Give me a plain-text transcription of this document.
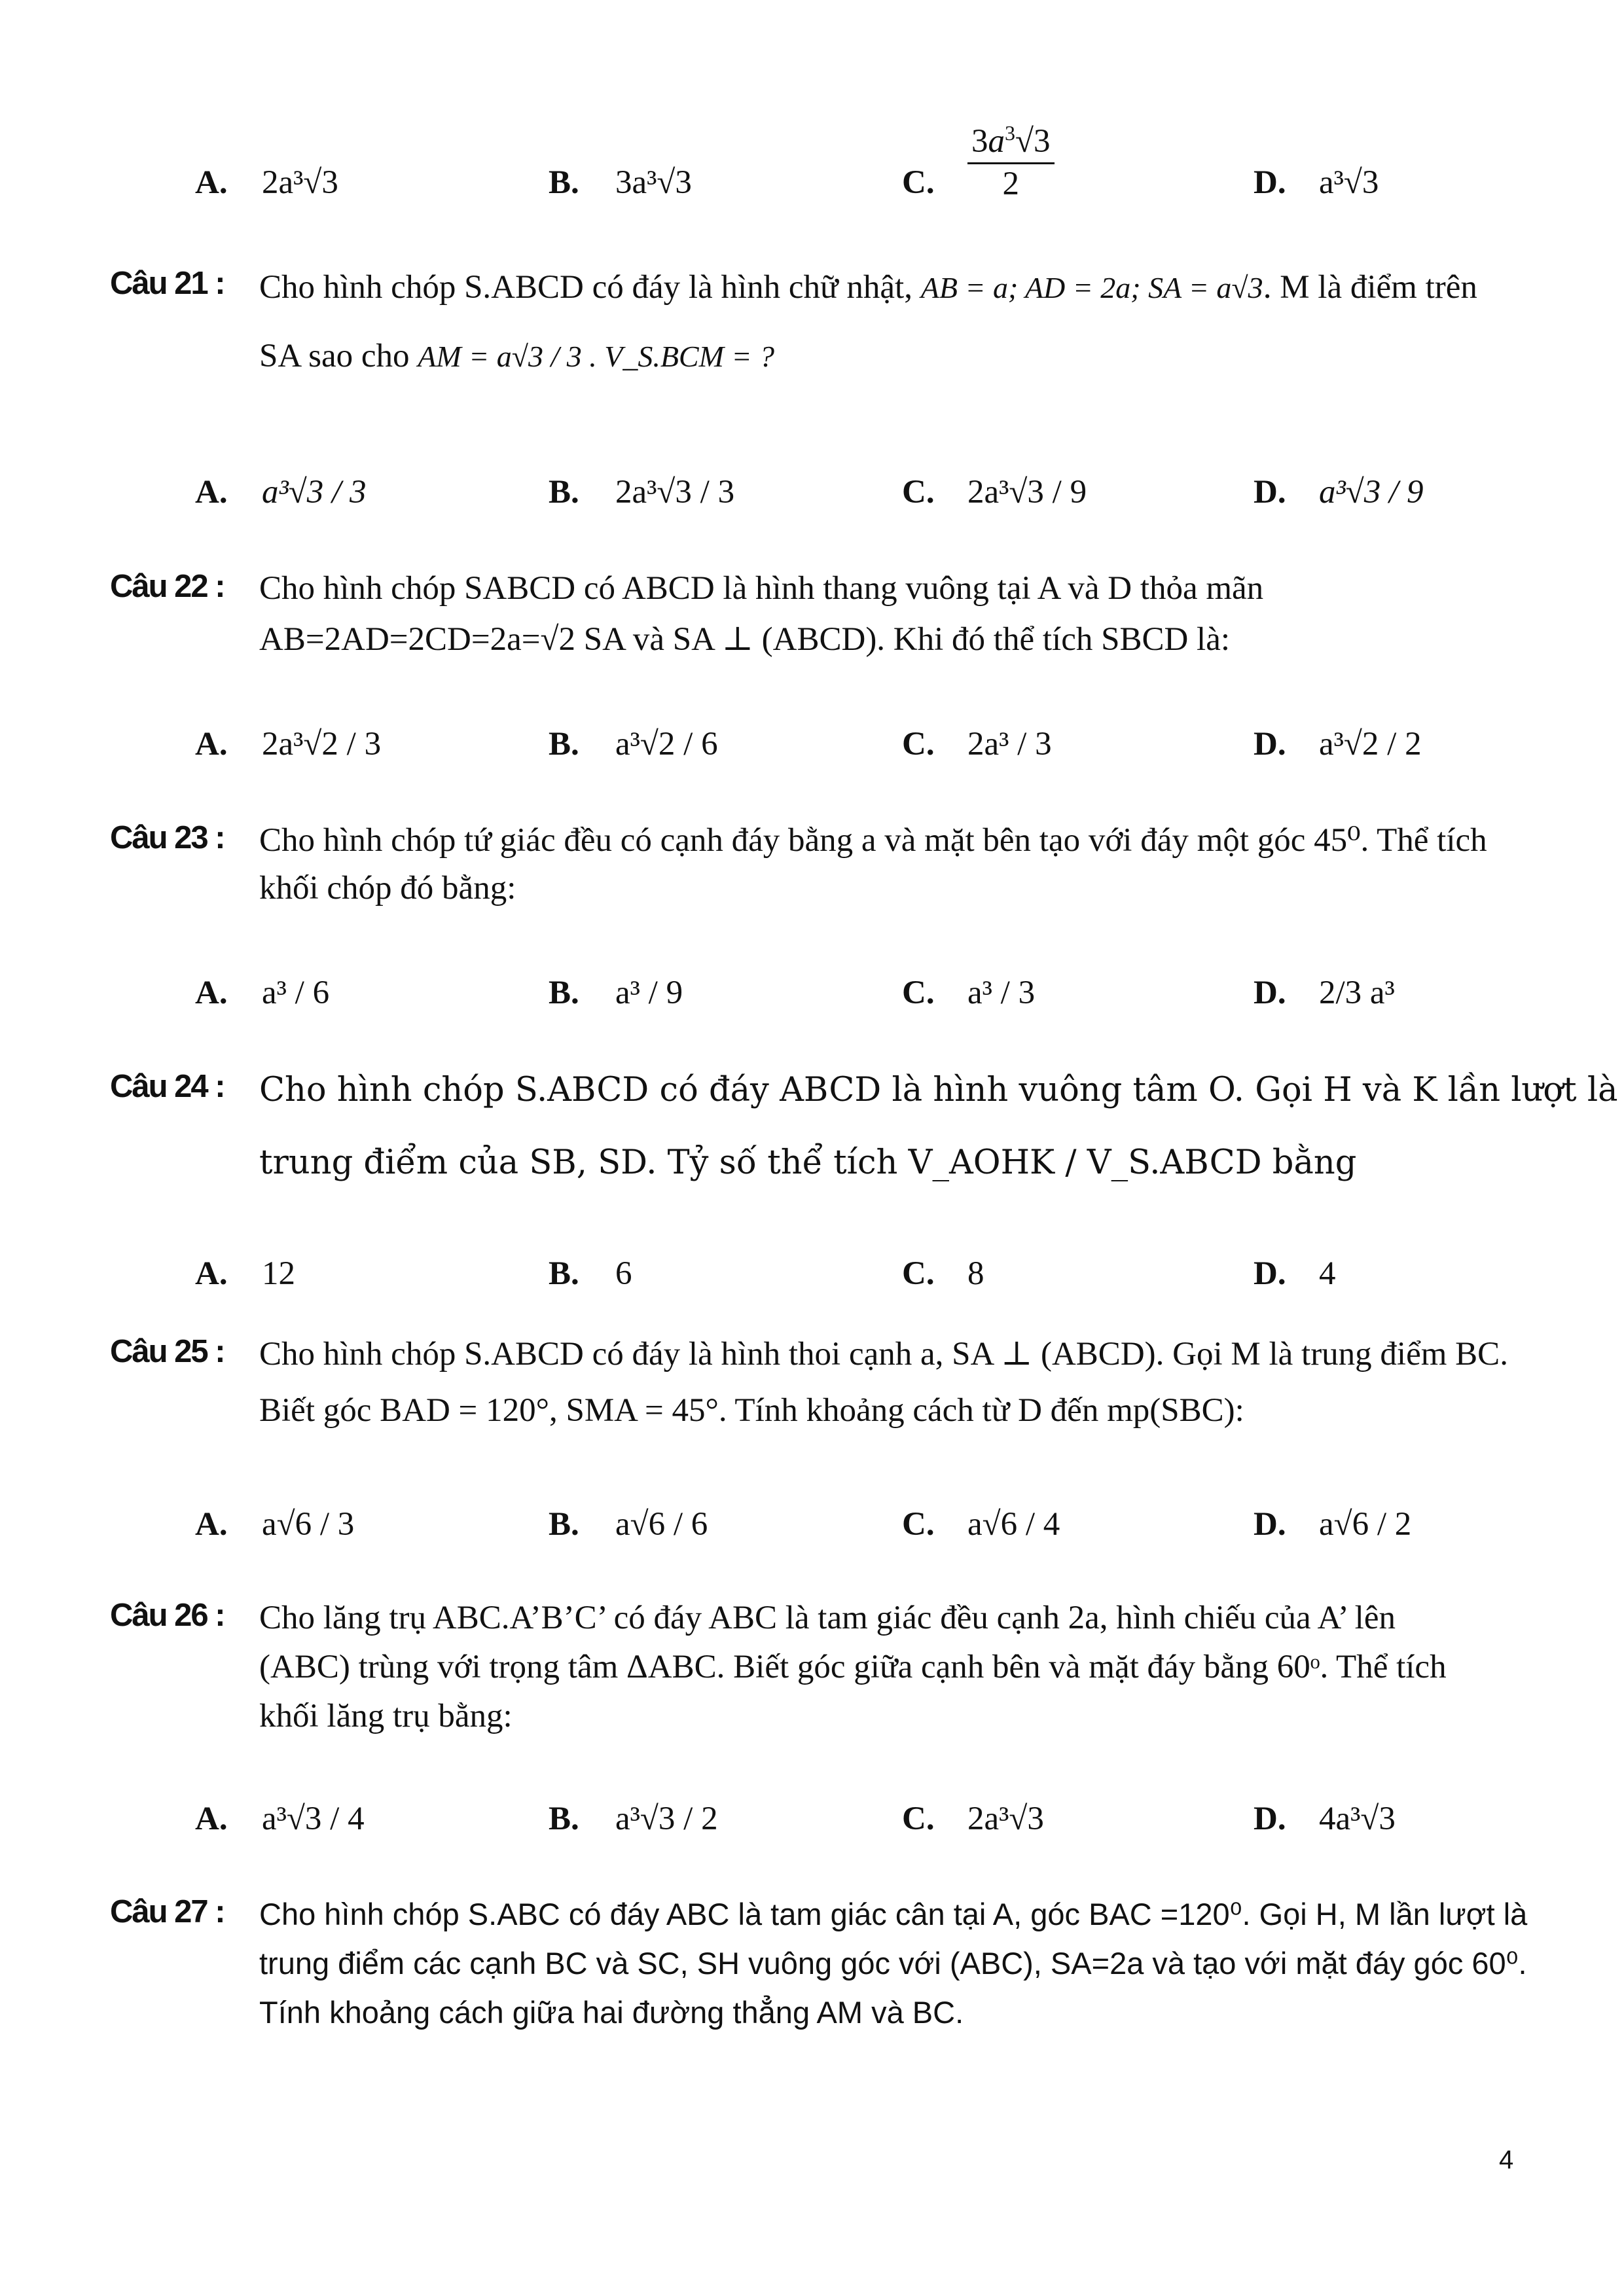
A. 2a³√3	B. 3a³√3	C. $\frac{3a^3√3}{2}$	D. a³√3
Câu 21 : Cho hình chóp S.ABCD có đáy là hình chữ nhật, AB = a; AD = 2a; SA = a√3. M là điểm trên
SA sao cho AM = a√3 / 3 . V_S.BCM = ?
A. a³√3 / 3	B. 2a³√3 / 3	C. 2a³√3 / 9	D. a³√3 / 9
Câu 22 : Cho hình chóp SABCD có ABCD là hình thang vuông tại A và D thỏa mãn
AB=2AD=2CD=2a=√2 SA và SA ⊥ (ABCD). Khi đó thể tích SBCD là:
A. 2a³√2 / 3	B. a³√2 / 6	C. 2a³ / 3	D. a³√2 / 2
Câu 23 : Cho hình chóp tứ giác đều có cạnh đáy bằng a và mặt bên tạo với đáy một góc 45⁰. Thể tích
khối chóp đó bằng:
A. a³ / 6	B. a³ / 9	C. a³ / 3	D. 2/3 a³
Câu 24 : Cho hình chóp S.ABCD có đáy ABCD là hình vuông tâm O. Gọi H và K lần lượt là
trung điểm của SB, SD. Tỷ số thể tích V_AOHK / V_S.ABCD bằng
A. 12	B. 6	C. 8	D. 4
Câu 25 : Cho hình chóp S.ABCD có đáy là hình thoi cạnh a, SA ⊥ (ABCD). Gọi M là trung điểm BC.
Biết góc BAD = 120°, SMA = 45°. Tính khoảng cách từ D đến mp(SBC):
A. a√6 / 3	B. a√6 / 6	C. a√6 / 4	D. a√6 / 2
Câu 26 : Cho lăng trụ ABC.A’B’C’ có đáy ABC là tam giác đều cạnh 2a, hình chiếu của A’ lên
(ABC) trùng với trọng tâm ΔABC. Biết góc giữa cạnh bên và mặt đáy bằng 60ᵒ. Thể tích
khối lăng trụ bằng:
A. a³√3 / 4	B. a³√3 / 2	C. 2a³√3	D. 4a³√3
Câu 27 : Cho hình chóp S.ABC có đáy ABC là tam giác cân tại A, góc BAC =120⁰. Gọi H, M lần lượt là
trung điểm các cạnh BC và SC, SH vuông góc với (ABC), SA=2a và tạo với mặt đáy góc 60⁰.
Tính khoảng cách giữa hai đường thẳng AM và BC.
4
